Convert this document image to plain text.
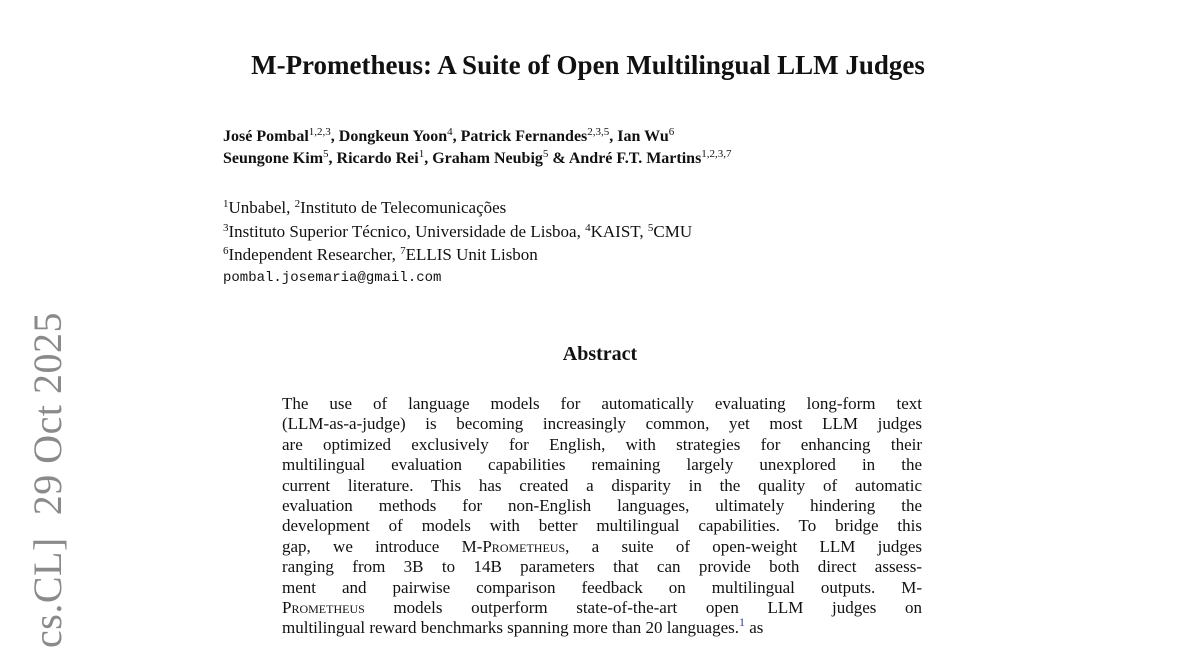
cs.CL]29 Oct 2025
M-Prometheus: A Suite of Open Multilingual LLM Judges
José Pombal$^{1,2,3}$, Dongkeun Yoon$^4$, Patrick Fernandes$^{2,3,5}$, Ian Wu$^6$
Seungone Kim$^5$, Ricardo Rei$^1$, Graham Neubig$^5$ & André F.T. Martins$^{1,2,3,7}$
$^1$Unbabel, $^2$Instituto de Telecomunicações
$^3$Instituto Superior Técnico, Universidade de Lisboa, $^4$KAIST, $^5$CMU
$^6$Independent Researcher, $^7$ELLIS Unit Lisbon
pombal.josemaria@gmail.com
Abstract
The use of language models for automatically evaluating long-form text
(LLM-as-a-judge) is becoming increasingly common, yet most LLM judges
are optimized exclusively for English, with strategies for enhancing their
multilingual evaluation capabilities remaining largely unexplored in the
current literature. This has created a disparity in the quality of automatic
evaluation methods for non-English languages, ultimately hindering the
development of models with better multilingual capabilities. To bridge this
gap, we introduce M-Prometheus, a suite of open-weight LLM judges
ranging from 3B to 14B parameters that can provide both direct assess-
ment and pairwise comparison feedback on multilingual outputs. M-
Prometheus models outperform state-of-the-art open LLM judges on
multilingual reward benchmarks spanning more than 20 languages.$^1$ as
